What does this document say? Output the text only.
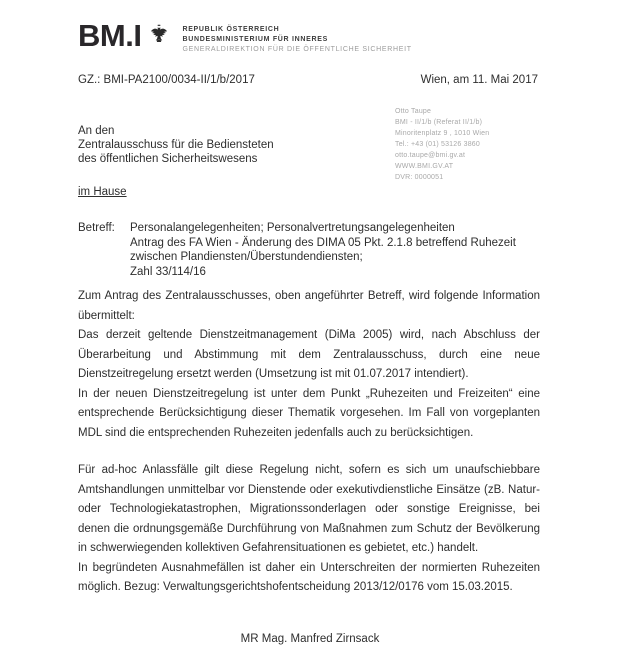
BM.I	REPUBLIK ÖSTERREICH
BUNDESMINISTERIUM FÜR INNERES
GENERALDIREKTION FÜR DIE ÖFFENTLICHE SICHERHEIT
GZ.: BMI-PA2100/0034-II/1/b/2017	Wien, am 11. Mai 2017
Otto Taupe
BMI - II/1/b (Referat II/1/b)
Minoritenplatz 9 , 1010 Wien
Tel.: +43 (01) 53126 3860
otto.taupe@bmi.gv.at
WWW.BMI.GV.AT
DVR: 0000051
An den
Zentralausschuss für die Bediensteten
des öffentlichen Sicherheitswesens
im Hause
Betreff:	Personalangelegenheiten; Personalvertretungsangelegenheiten
Antrag des FA Wien - Änderung des DIMA 05 Pkt. 2.1.8 betreffend Ruhezeit
zwischen Plandiensten/Überstundendiensten;
Zahl 33/114/16

Zum Antrag des Zentralausschusses, oben angeführter Betreff, wird folgende Information übermittelt:

Das derzeit geltende Dienstzeitmanagement (DiMa 2005) wird, nach Abschluss der Überarbeitung und Abstimmung mit dem Zentralausschuss, durch eine neue Dienstzeitregelung ersetzt werden (Umsetzung ist mit 01.07.2017 intendiert).

In der neuen Dienstzeitregelung ist unter dem Punkt „Ruhezeiten und Freizeiten“ eine entsprechende Berücksichtigung dieser Thematik vorgesehen. Im Fall von vorgeplanten MDL sind die entsprechenden Ruhezeiten jedenfalls auch zu berücksichtigen.

Für ad-hoc Anlassfälle gilt diese Regelung nicht, sofern es sich um unaufschiebbare Amtshandlungen unmittelbar vor Dienstende oder exekutivdienstliche Einsätze (zB. Natur- oder Technologiekatastrophen, Migrationssonderlagen oder sonstige Ereignisse, bei denen die ordnungsgemäße Durchführung von Maßnahmen zum Schutz der Bevölkerung in schwerwiegenden kollektiven Gefahrensituationen es gebietet, etc.) handelt.

In begründeten Ausnahmefällen ist daher ein Unterschreiten der normierten Ruhezeiten möglich. Bezug: Verwaltungsgerichtshofentscheidung 2013/12/0176 vom 15.03.2015.

MR Mag. Manfred Zirnsack
